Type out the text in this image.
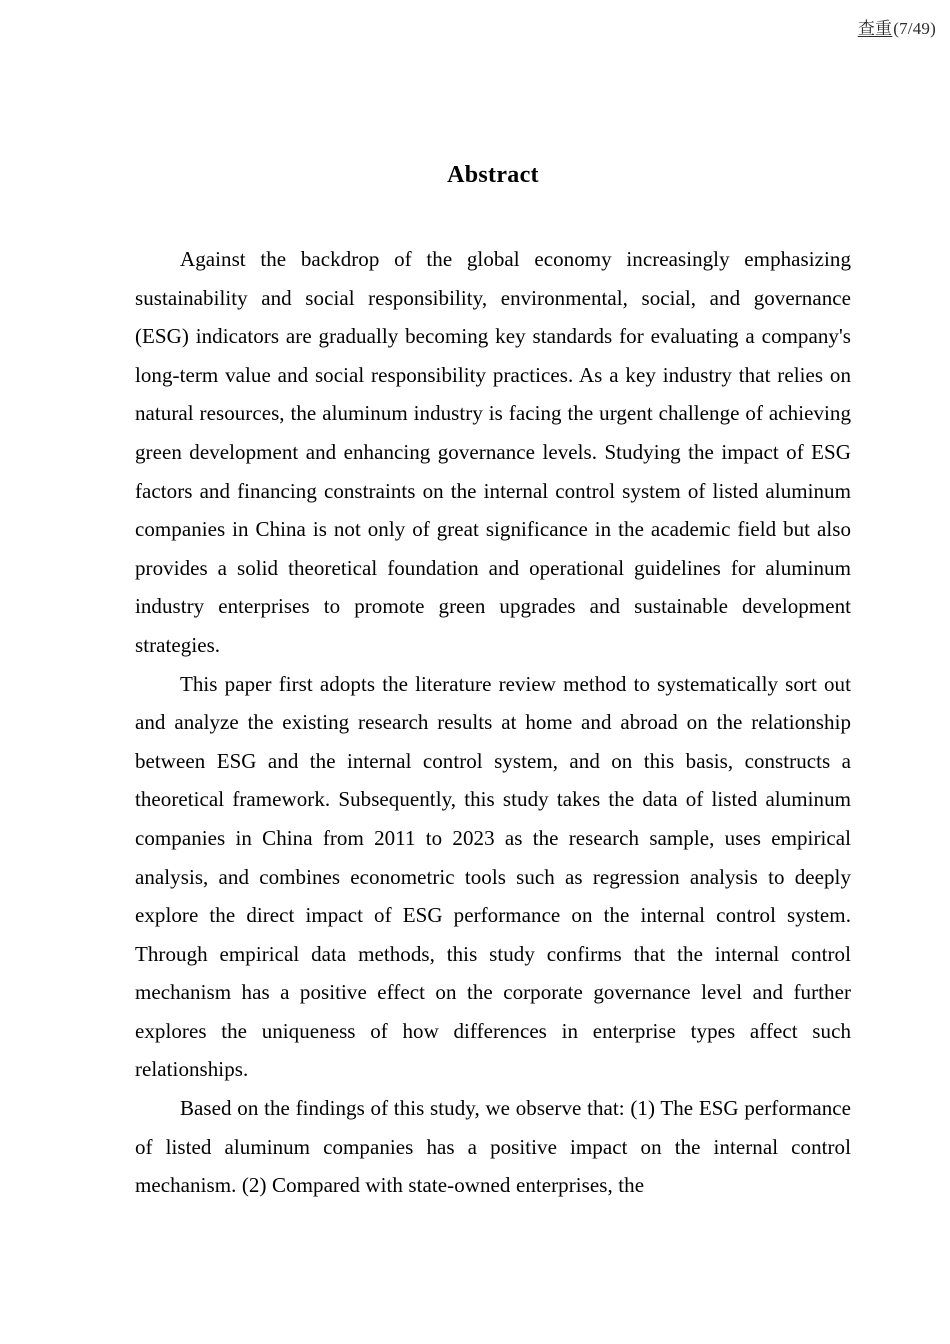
查重 (7/49)
Abstract

Against the backdrop of the global economy increasingly emphasizing sustainability and social responsibility, environmental, social, and governance (ESG) indicators are gradually becoming key standards for evaluating a company's long-term value and social responsibility practices. As a key industry that relies on natural resources, the aluminum industry is facing the urgent challenge of achieving green development and enhancing governance levels. Studying the impact of ESG factors and financing constraints on the internal control system of listed aluminum companies in China is not only of great significance in the academic field but also provides a solid theoretical foundation and operational guidelines for aluminum industry enterprises to promote green upgrades and sustainable development strategies.

This paper first adopts the literature review method to systematically sort out and analyze the existing research results at home and abroad on the relationship between ESG and the internal control system, and on this basis, constructs a theoretical framework. Subsequently, this study takes the data of listed aluminum companies in China from 2011 to 2023 as the research sample, uses empirical analysis, and combines econometric tools such as regression analysis to deeply explore the direct impact of ESG performance on the internal control system. Through empirical data methods, this study confirms that the internal control mechanism has a positive effect on the corporate governance level and further explores the uniqueness of how differences in enterprise types affect such relationships.

Based on the findings of this study, we observe that: (1) The ESG performance of listed aluminum companies has a positive impact on the internal control mechanism. (2) Compared with state-owned enterprises, the
